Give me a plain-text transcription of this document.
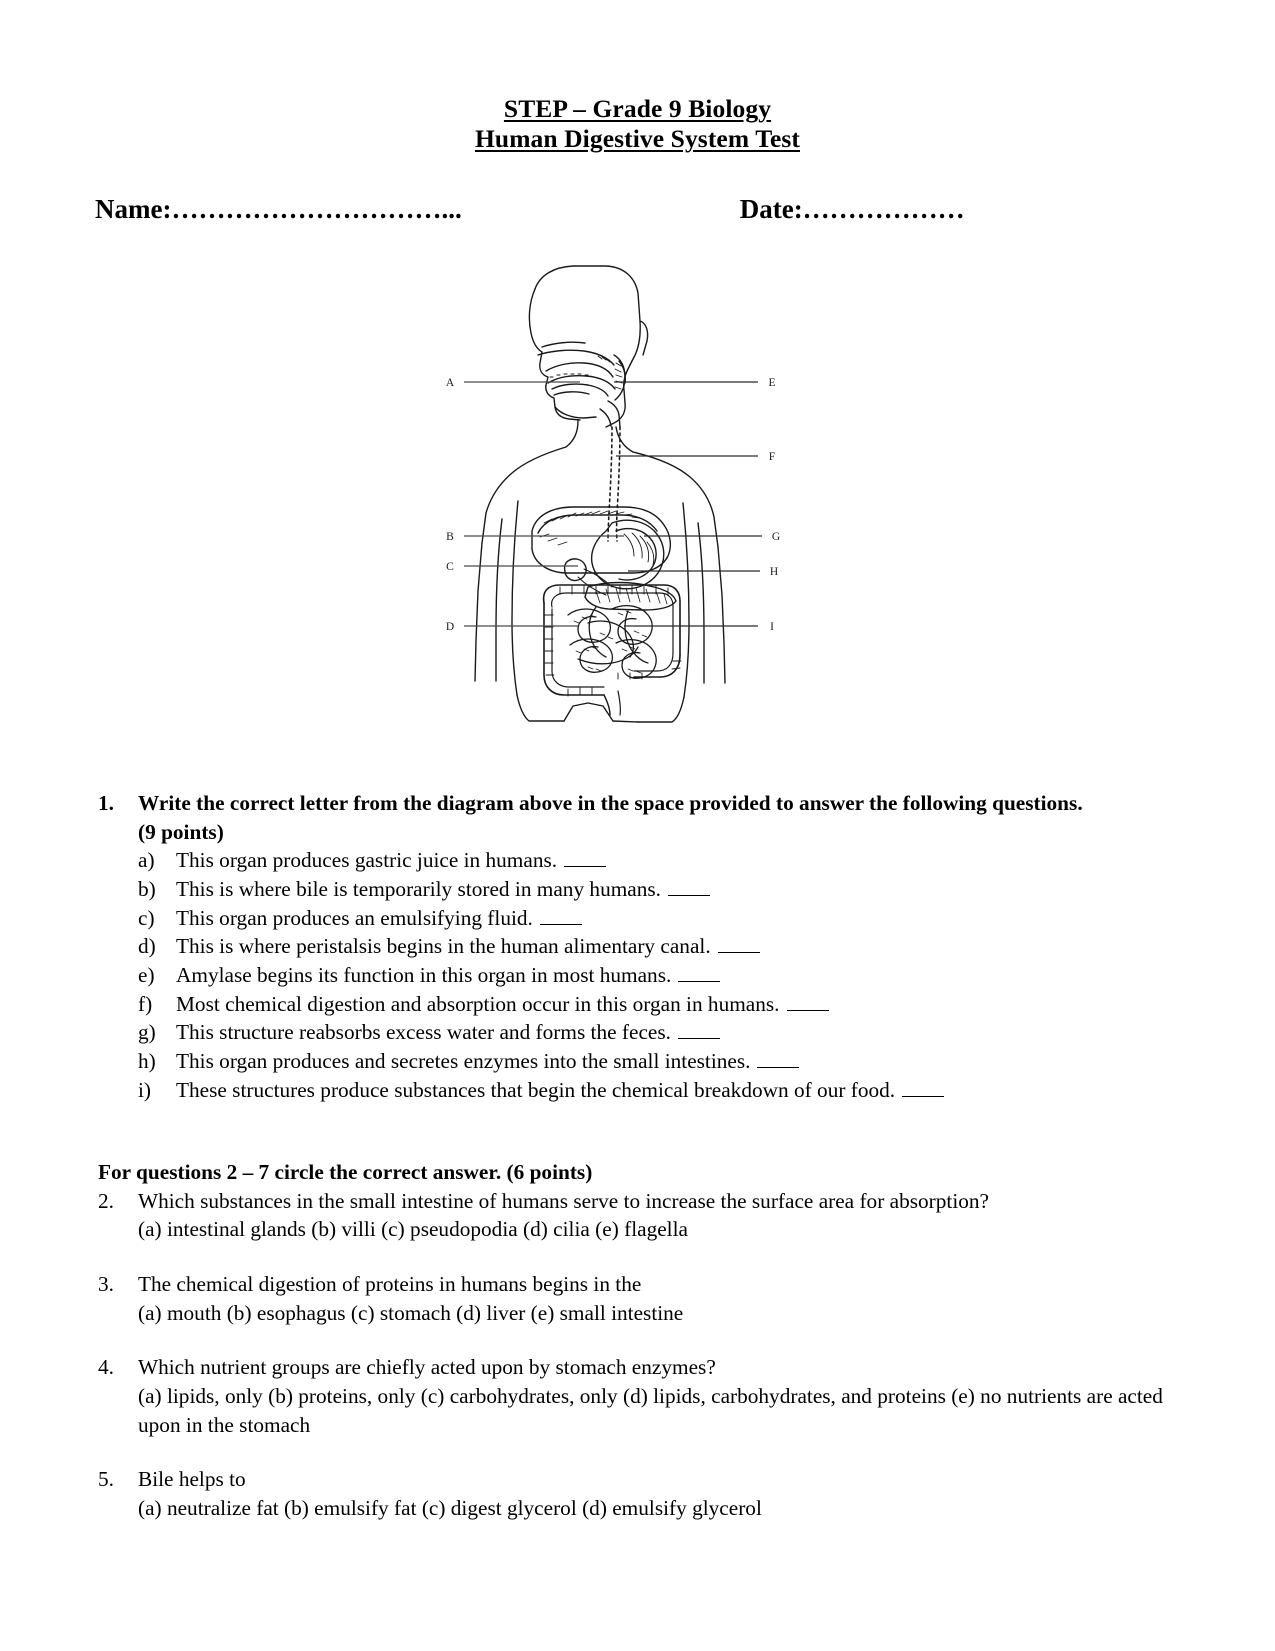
STEP – Grade 9 Biology
Human Digestive System Test
Name:…………………………...	Date:………………
A
B
C
D
E
F
G
H
I
1.	Write the correct letter from the diagram above in the space provided to answer the following questions.
(9 points)
a)	This organ produces gastric juice in humans.
b) This is where bile is temporarily stored in many humans.
c)	This organ produces an emulsifying fluid.
d) This is where peristalsis begins in the human alimentary canal.
e)	Amylase begins its function in this organ in most humans.
f)	Most chemical digestion and absorption occur in this organ in humans.
g) This structure reabsorbs excess water and forms the feces.
h) This organ produces and secretes enzymes into the small intestines.
i)	These structures produce substances that begin the chemical breakdown of our food.
For questions 2 – 7 circle the correct answer. (6 points)
2.	Which substances in the small intestine of humans serve to increase the surface area for absorption?
(a) intestinal glands (b) villi (c) pseudopodia (d) cilia (e) flagella
3.	The chemical digestion of proteins in humans begins in the
(a) mouth (b) esophagus (c) stomach (d) liver (e) small intestine
4.	Which nutrient groups are chiefly acted upon by stomach enzymes?
(a) lipids, only (b) proteins, only (c) carbohydrates, only (d) lipids, carbohydrates, and proteins (e) no nutrients are acted upon in the stomach
5.	Bile helps to
(a) neutralize fat (b) emulsify fat (c) digest glycerol (d) emulsify glycerol
